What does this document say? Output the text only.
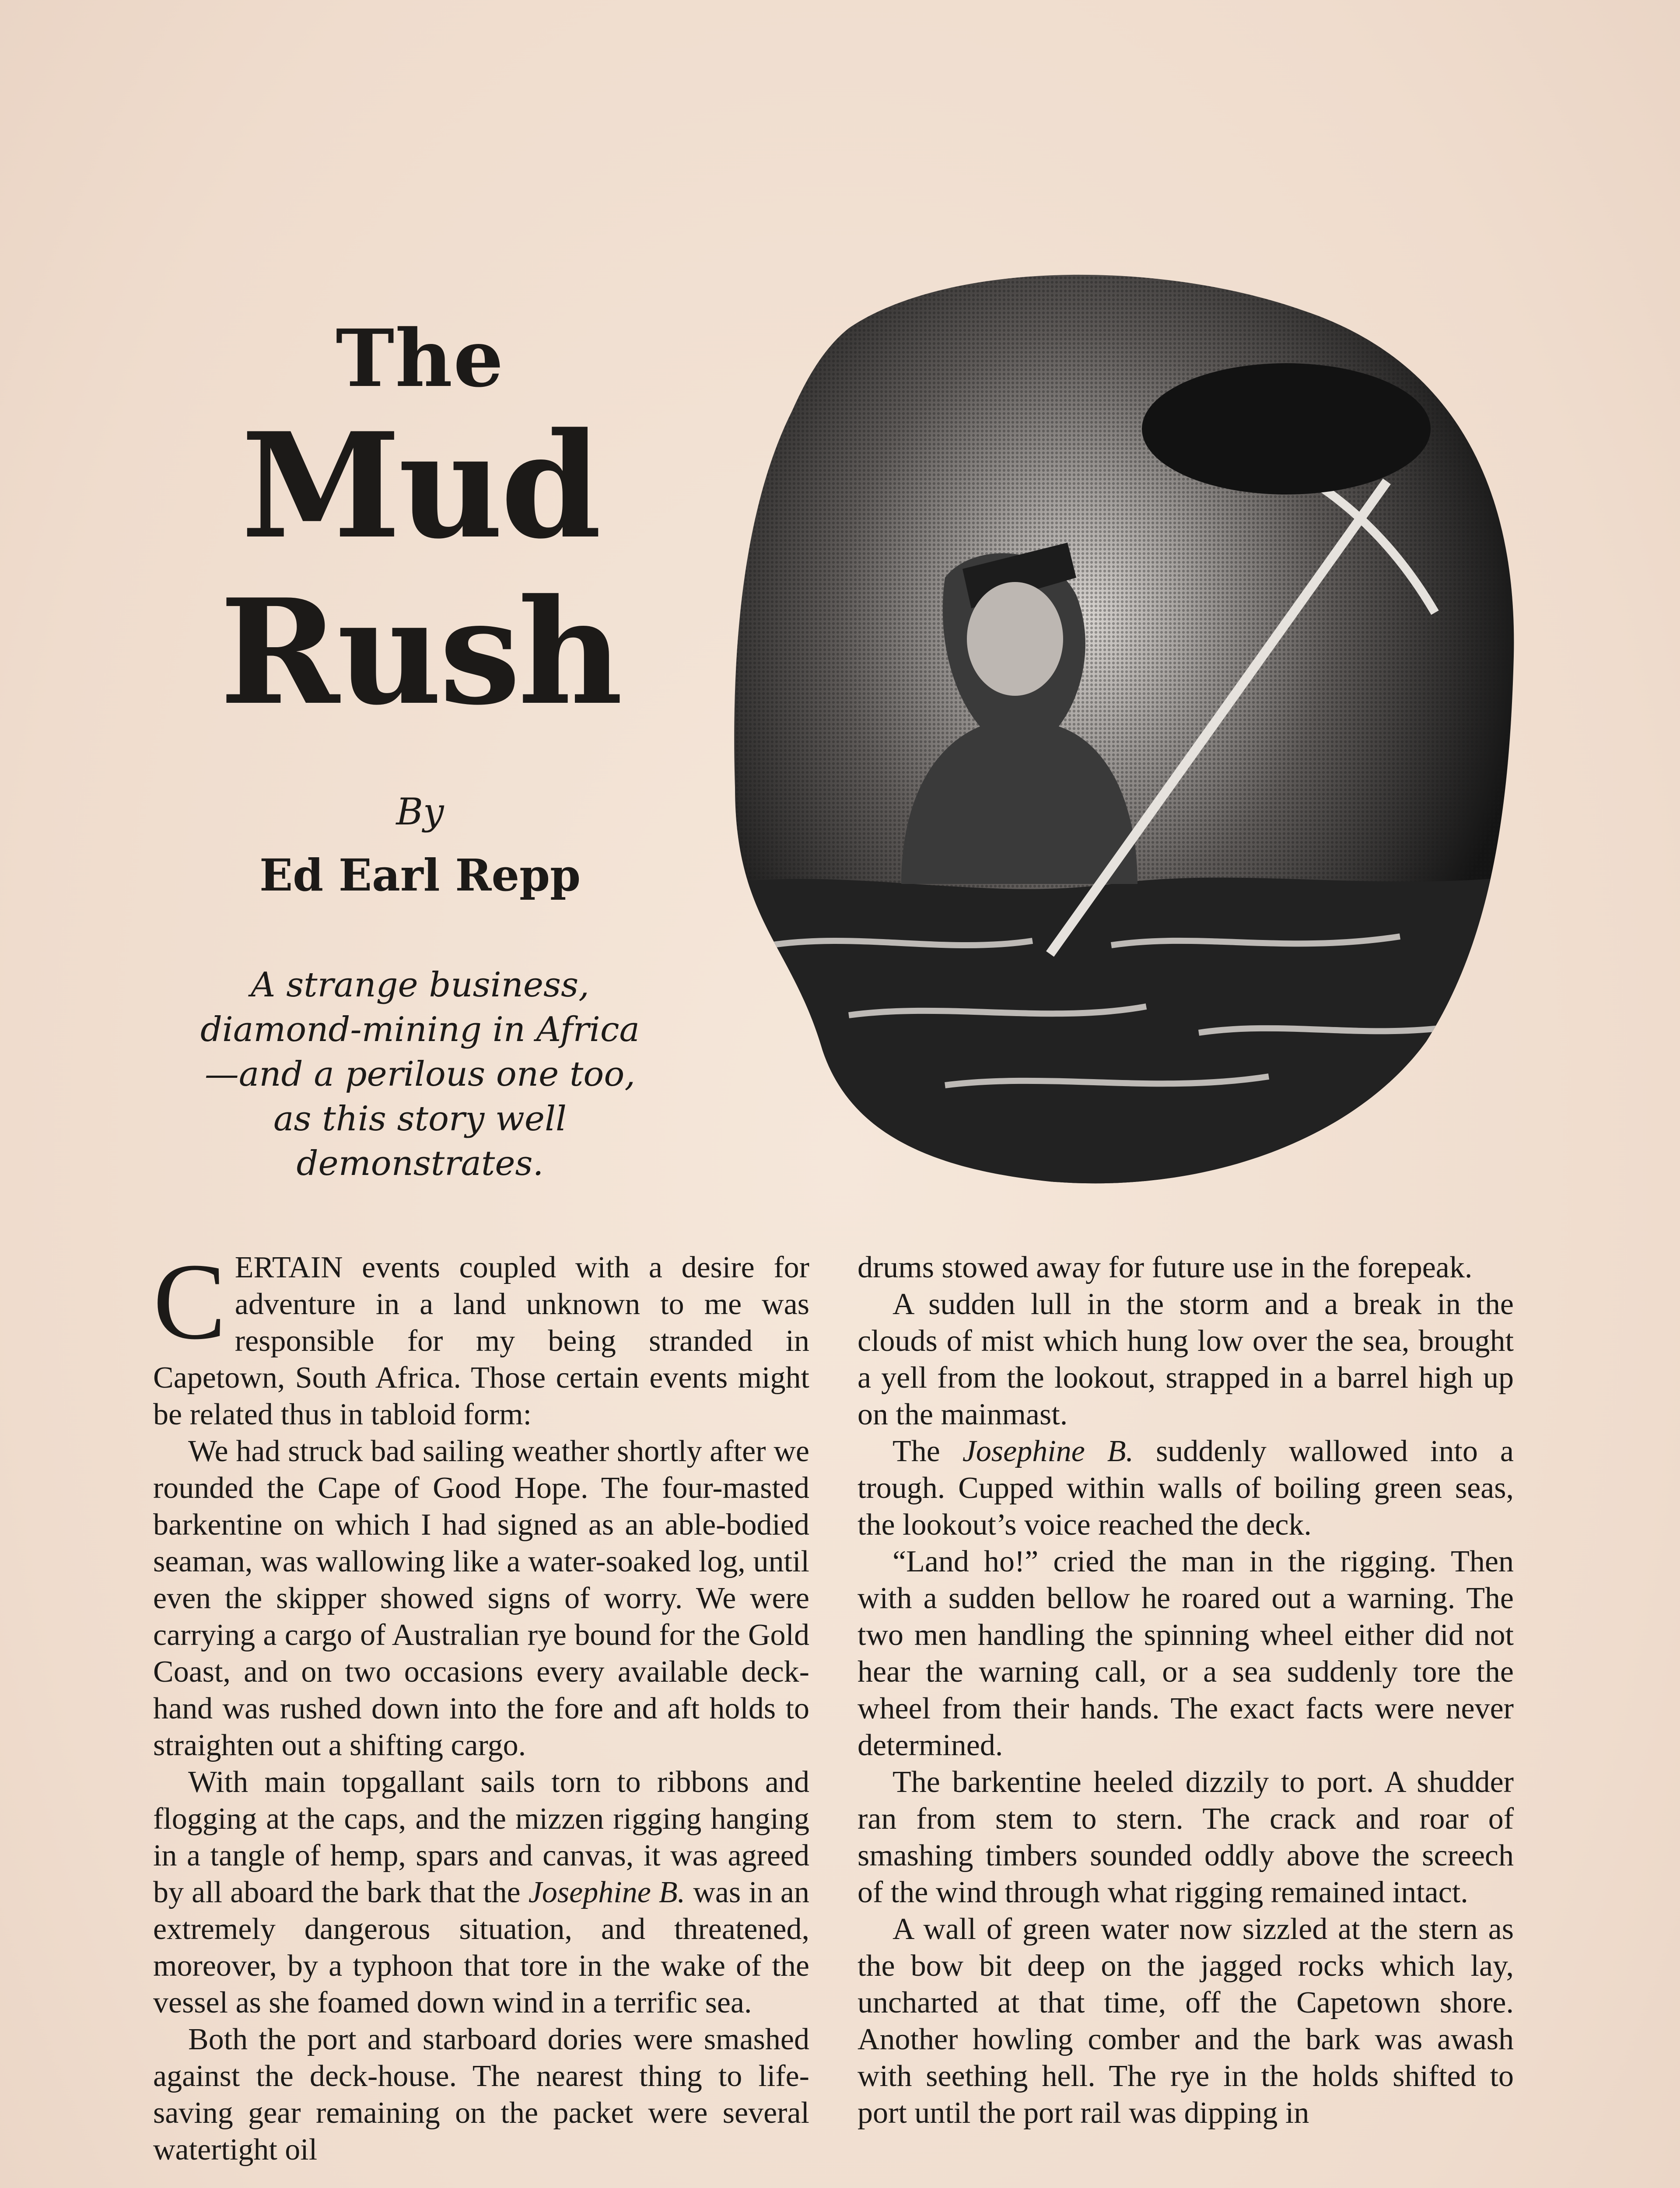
The
Mud
Rush
By
Ed Earl Repp
A strange business, diamond-mining in Africa—and a perilous one too, as this story well demonstrates.

CERTAIN events coupled with a desire for adventure in a land unknown to me was responsible for my being stranded in Capetown, South Africa. Those certain events might be related thus in tabloid form:

We had struck bad sailing weather shortly after we rounded the Cape of Good Hope. The four-masted barkentine on which I had signed as an able-bodied seaman, was wallowing like a water-soaked log, until even the skipper showed signs of worry. We were carrying a cargo of Australian rye bound for the Gold Coast, and on two occasions every available deck-hand was rushed down into the fore and aft holds to straighten out a shifting cargo.

With main topgallant sails torn to ribbons and flogging at the caps, and the mizzen rigging hanging in a tangle of hemp, spars and canvas, it was agreed by all aboard the bark that the Josephine B. was in an extremely dangerous situation, and threatened, moreover, by a typhoon that tore in the wake of the vessel as she foamed down wind in a terrific sea.

Both the port and starboard dories were smashed against the deck-house. The nearest thing to life-saving gear remaining on the packet were several watertight oil

drums stowed away for future use in the forepeak.

A sudden lull in the storm and a break in the clouds of mist which hung low over the sea, brought a yell from the lookout, strapped in a barrel high up on the mainmast.

The Josephine B. suddenly wallowed into a trough. Cupped within walls of boiling green seas, the lookout’s voice reached the deck.

“Land ho!” cried the man in the rigging. Then with a sudden bellow he roared out a warning. The two men handling the spinning wheel either did not hear the warning call, or a sea suddenly tore the wheel from their hands. The exact facts were never determined.

The barkentine heeled dizzily to port. A shudder ran from stem to stern. The crack and roar of smashing timbers sounded oddly above the screech of the wind through what rigging remained intact.

A wall of green water now sizzled at the stern as the bow bit deep on the jagged rocks which lay, uncharted at that time, off the Capetown shore. Another howling comber and the bark was awash with seething hell. The rye in the holds shifted to port until the port rail was dipping in
